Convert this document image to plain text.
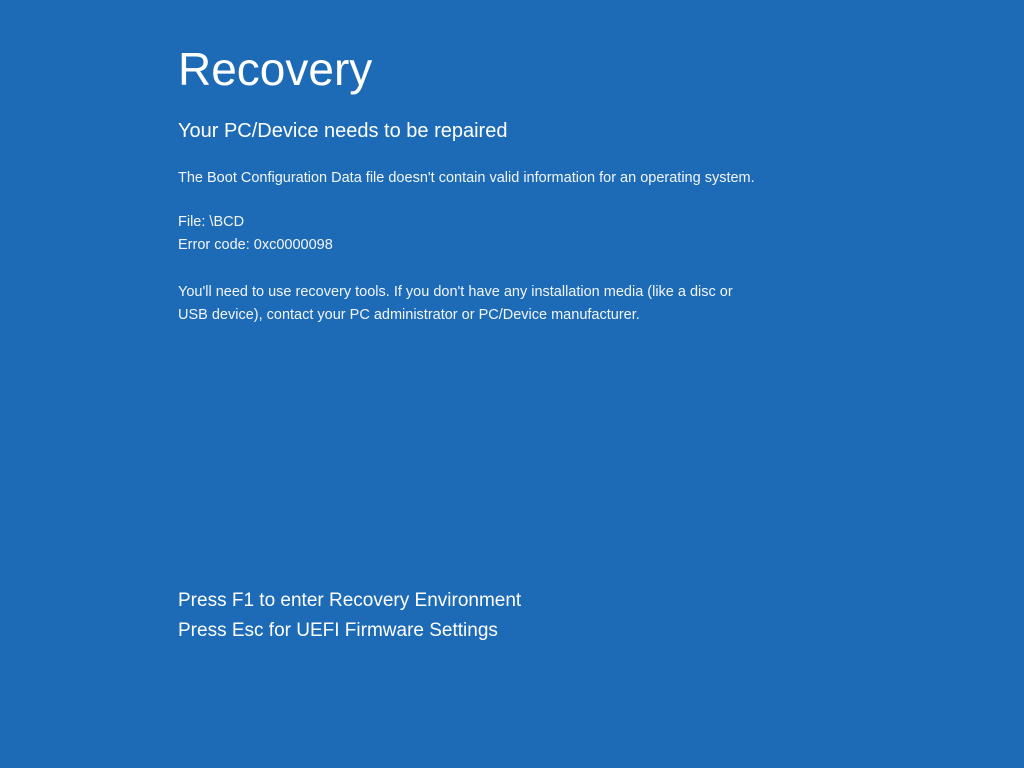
Recovery
Your PC/Device needs to be repaired

The Boot Configuration Data file doesn't contain valid information for an operating system.

File: \BCD
Error code: 0xc0000098

You'll need to use recovery tools. If you don't have any installation media (like a disc or USB device), contact your PC administrator or PC/Device manufacturer.

Press F1 to enter Recovery Environment
Press Esc for UEFI Firmware Settings
